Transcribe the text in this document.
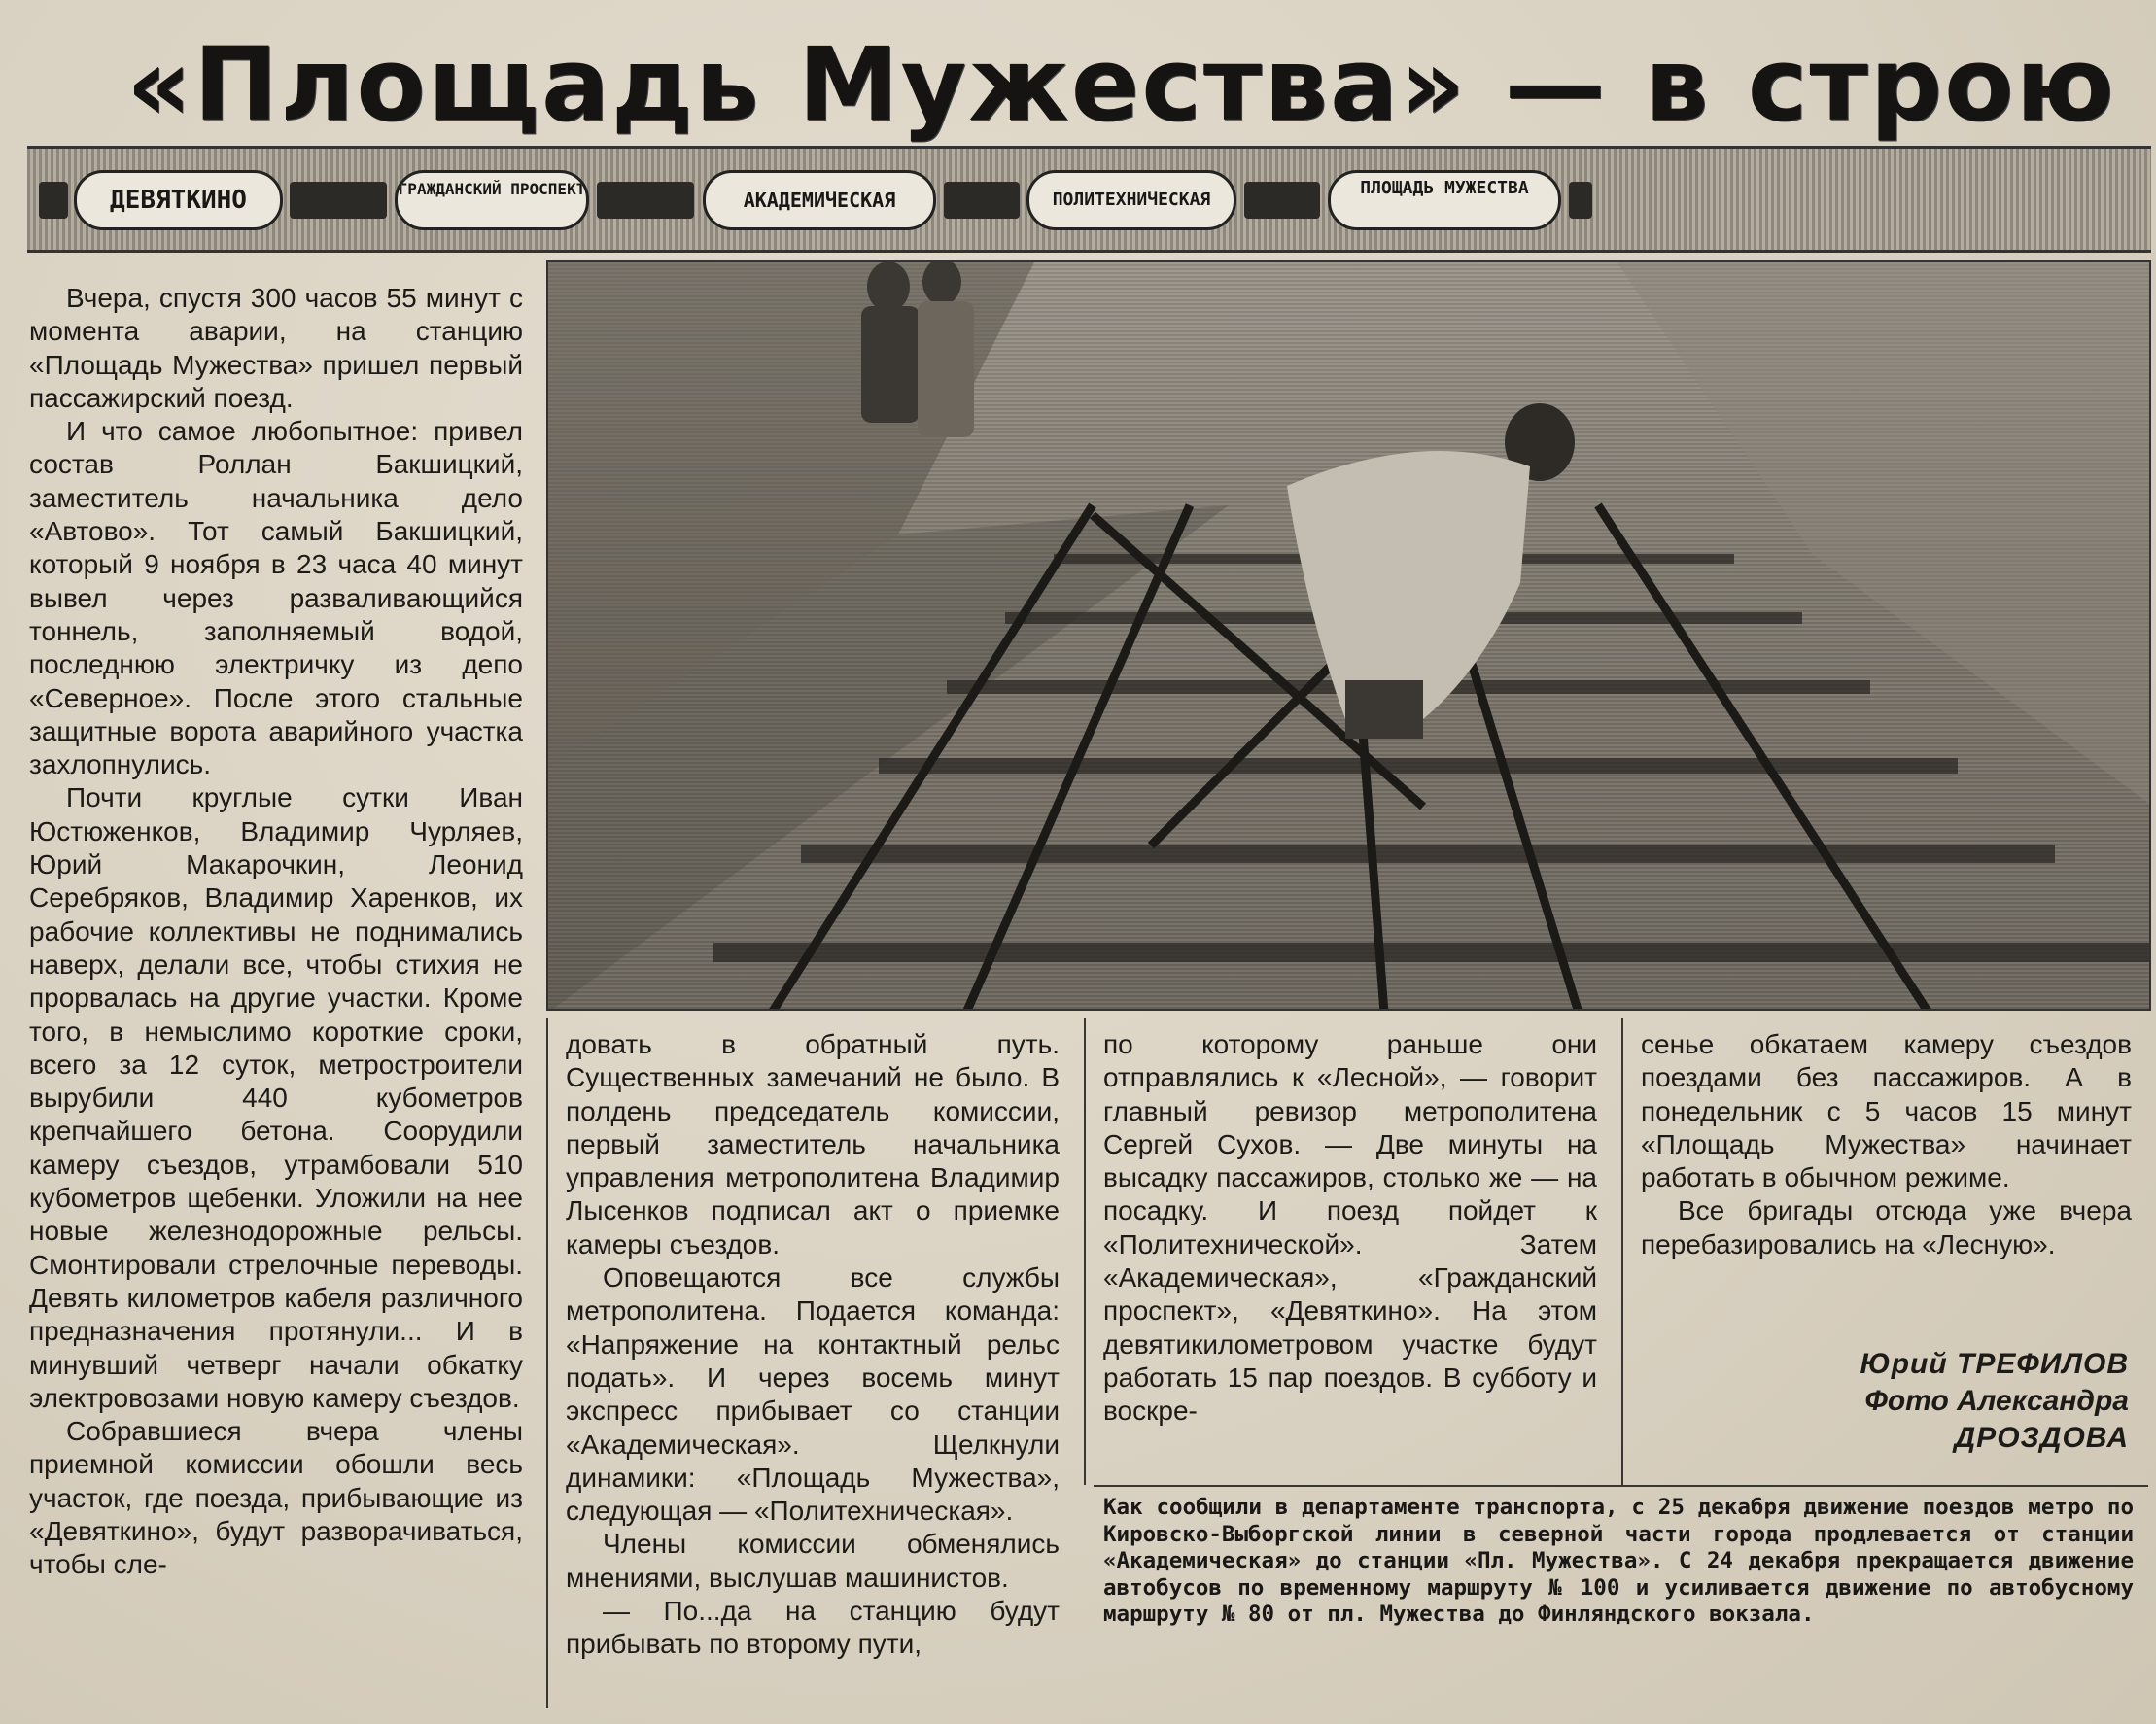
«Площадь Мужества» — в строю
ДЕВЯТКИНО	ГРАЖДАНСКИЙ ПРОСПЕКТ	АКАДЕМИЧЕСКАЯ	ПОЛИТЕХНИЧЕСКАЯ
ПЛОЩАДЬ МУЖЕСТВА

Вчера, спустя 300 часов 55 минут с момента аварии, на станцию «Площадь Мужества» пришел первый пассажирский поезд.

И что самое любопытное: привел состав Роллан Бакшицкий, заместитель начальника дело «Автово». Тот самый Бакшицкий, который 9 ноября в 23 часа 40 минут вывел через разваливающийся тоннель, заполняемый водой, последнюю электричку из депо «Северное». После этого стальные защитные ворота аварийного участка захлопнулись.

Почти круглые сутки Иван Юстюженков, Владимир Чурляев, Юрий Макарочкин, Леонид Серебряков, Владимир Харенков, их рабочие коллективы не поднимались наверх, делали все, чтобы стихия не прорвалась на другие участки. Кроме того, в немыслимо короткие сроки, всего за 12 суток, метростроители вырубили 440 кубометров крепчайшего бетона. Соорудили камеру съездов, утрамбовали 510 кубометров щебенки. Уложили на нее новые железнодорожные рельсы. Смонтировали стрелочные переводы. Девять километров кабеля различного предназначения протянули... И в минувший четверг начали обкатку электровозами новую камеру съездов.

Собравшиеся вчера члены приемной комиссии обошли весь участок, где поезда, прибывающие из «Девяткино», будут разворачиваться, чтобы сле-

довать в обратный путь. Существенных замечаний не было. В полдень председатель комиссии, первый заместитель начальника управления метрополитена Владимир Лысенков подписал акт о приемке камеры съездов.

Оповещаются все службы метрополитена. Подается команда: «Напряжение на контактный рельс подать». И через восемь минут экспресс прибывает со станции «Академическая». Щелкнули динамики: «Площадь Мужества», следующая — «Политехническая».

Члены комиссии обменялись мнениями, выслушав машинистов.

— По...да на станцию будут прибывать по второму пути,

по которому раньше они отправлялись к «Лесной», — говорит главный ревизор метрополитена Сергей Сухов. — Две минуты на высадку пассажиров, столько же — на посадку. И поезд пойдет к «Политехнической». Затем «Академическая», «Гражданский проспект», «Девяткино». На этом девятикилометровом участке будут работать 15 пар поездов. В субботу и воскре-

сенье обкатаем камеру съездов поездами без пассажиров. А в понедельник с 5 часов 15 минут «Площадь Мужества» начинает работать в обычном режиме.

Все бригады отсюда уже вчера перебазировались на «Лесную».

Юрий ТРЕФИЛОВ
Фото Александра
ДРОЗДОВА
Как сообщили в департаменте транспорта, с 25 декабря движение поездов метро по Кировско-Выборгской линии в северной части города продлевается от станции «Академическая» до станции «Пл. Мужества». С 24 декабря прекращается движение автобусов по временному маршруту № 100 и усиливается движение по автобусному маршруту № 80 от пл. Мужества до Финляндского вокзала.
